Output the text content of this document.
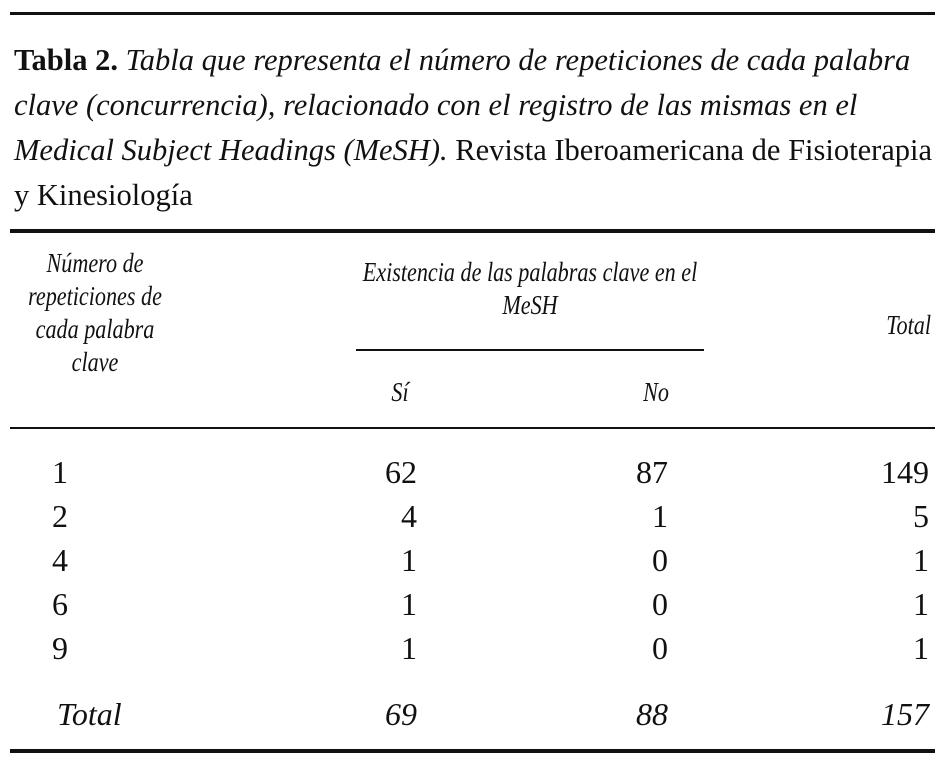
Tabla 2. Tabla que representa el número de repeticiones de cada palabra clave (concurrencia), relacionado con el registro de las mismas en el Medical Subject Headings (MeSH). Revista Iberoamericana de Fisioterapia y Kinesiología

Número de repeticiones de cada palabra clave
Existencia de las palabras clave en el MeSH
Sí	No
Total
1	62	87	149
2	4	1	5
4	1	0	1
6	1	0	1
9	1	0	1
Total	69	88	157
